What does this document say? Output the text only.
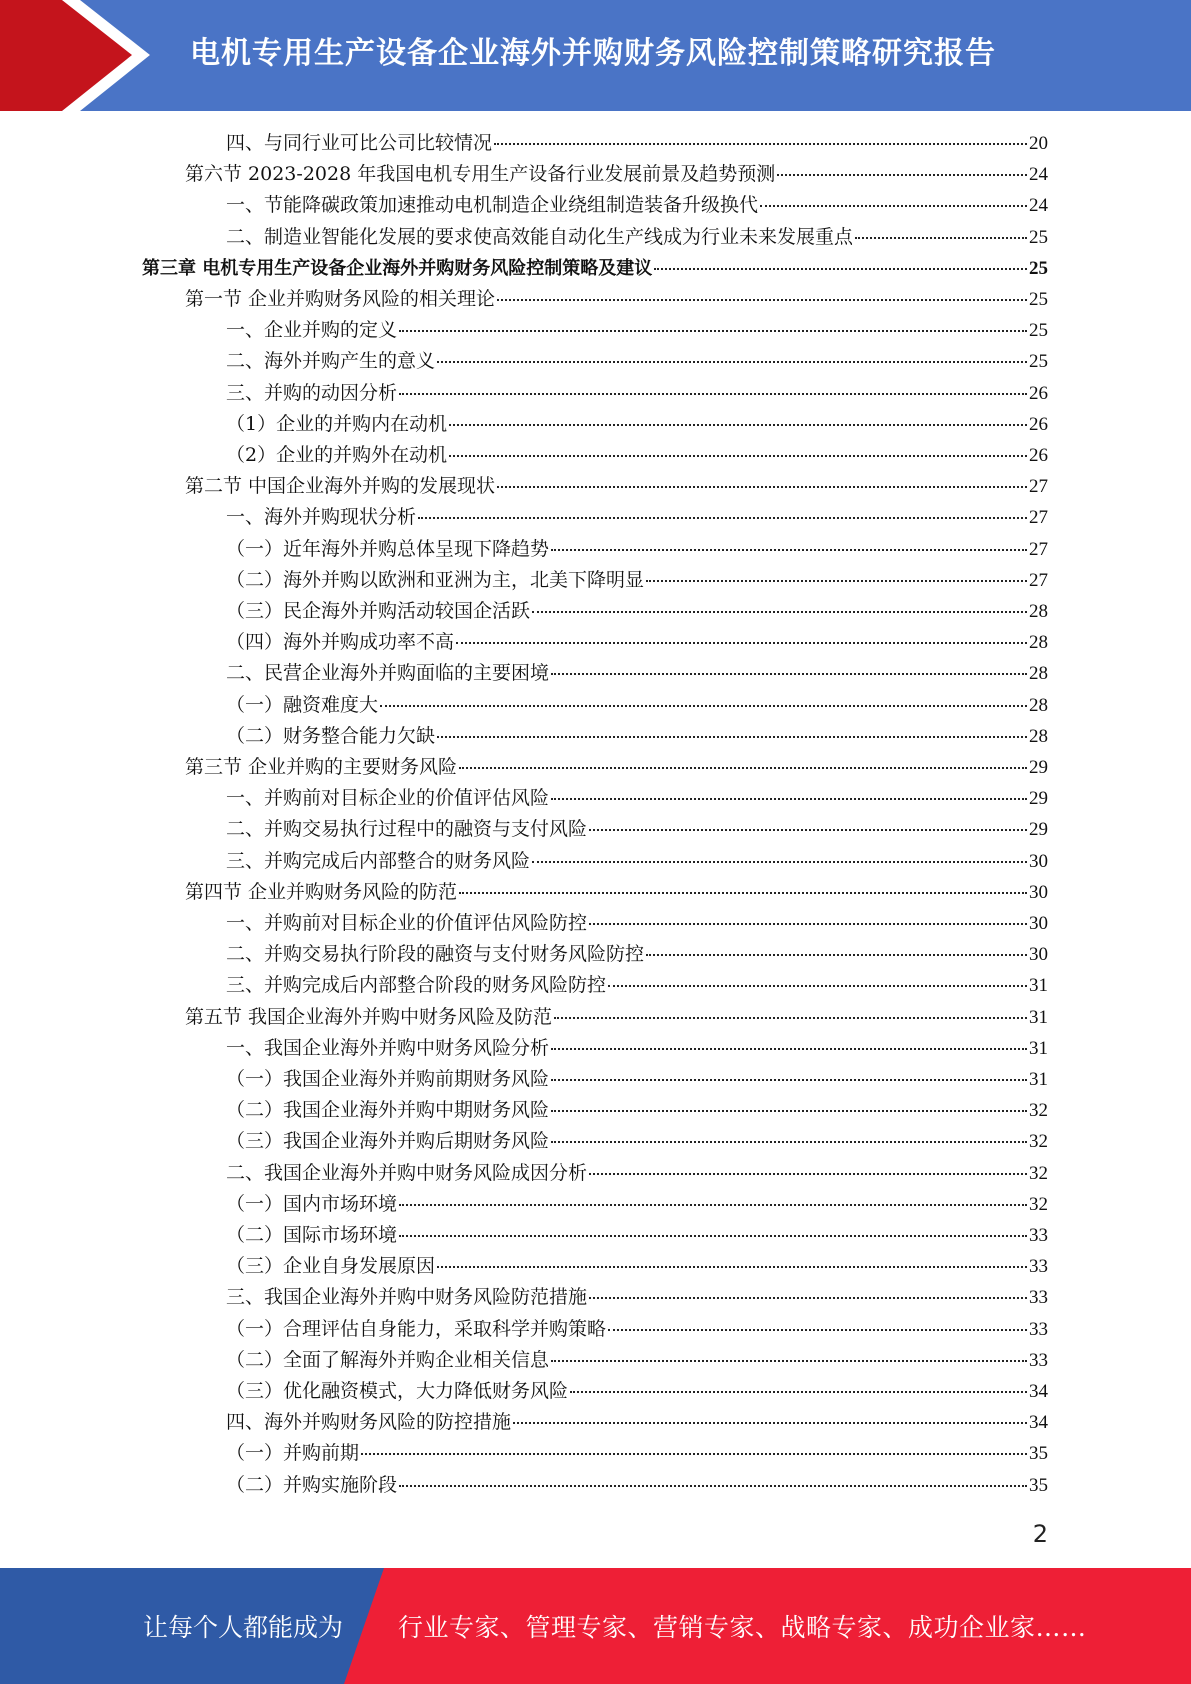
电机专用生产设备企业海外并购财务风险控制策略研究报告
四、与同行业可比公司比较情况	20
第六节 2023-2028 年我国电机专用生产设备行业发展前景及趋势预测	24
一、节能降碳政策加速推动电机制造企业绕组制造装备升级换代	24
二、制造业智能化发展的要求使高效能自动化生产线成为行业未来发展重点	25
第三章 电机专用生产设备企业海外并购财务风险控制策略及建议	25
第一节 企业并购财务风险的相关理论	25
一、企业并购的定义	25
二、海外并购产生的意义	25
三、并购的动因分析	26
（1）企业的并购内在动机	26
（2）企业的并购外在动机	26
第二节 中国企业海外并购的发展现状	27
一、海外并购现状分析	27
（一）近年海外并购总体呈现下降趋势	27
（二）海外并购以欧洲和亚洲为主，北美下降明显	27
（三）民企海外并购活动较国企活跃	28
（四）海外并购成功率不高	28
二、民营企业海外并购面临的主要困境	28
（一）融资难度大	28
（二）财务整合能力欠缺	28
第三节 企业并购的主要财务风险	29
一、并购前对目标企业的价值评估风险	29
二、并购交易执行过程中的融资与支付风险	29
三、并购完成后内部整合的财务风险	30
第四节 企业并购财务风险的防范	30
一、并购前对目标企业的价值评估风险防控	30
二、并购交易执行阶段的融资与支付财务风险防控	30
三、并购完成后内部整合阶段的财务风险防控	31
第五节 我国企业海外并购中财务风险及防范	31
一、我国企业海外并购中财务风险分析	31
（一）我国企业海外并购前期财务风险	31
（二）我国企业海外并购中期财务风险	32
（三）我国企业海外并购后期财务风险	32
二、我国企业海外并购中财务风险成因分析	32
（一）国内市场环境	32
（二）国际市场环境	33
（三）企业自身发展原因	33
三、我国企业海外并购中财务风险防范措施	33
（一）合理评估自身能力，采取科学并购策略	33
（二）全面了解海外并购企业相关信息	33
（三）优化融资模式，大力降低财务风险	34
四、海外并购财务风险的防控措施	34
（一）并购前期	35
（二）并购实施阶段	35
2
让每个人都能成为 行业专家、管理专家、营销专家、战略专家、成功企业家……
